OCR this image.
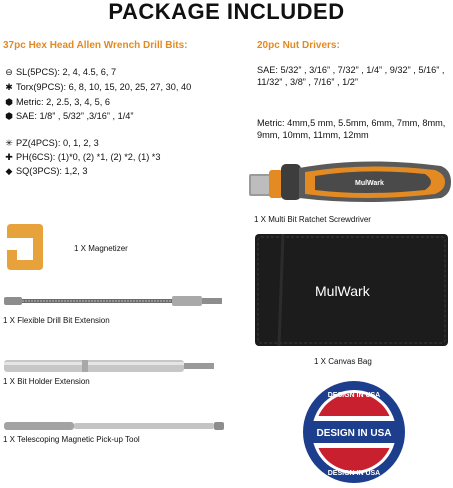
PACKAGE INCLUDED
37pc Hex Head Allen Wrench Drill Bits:	20pc Nut Drivers:
⊖ SL(5PCS): 2, 4, 4.5, 6, 7
✱ Torx(9PCS): 6, 8, 10, 15, 20, 25, 27, 30, 40
⬢ Metric: 2, 2.5, 3, 4, 5, 6
⬢ SAE: 1/8” , 5/32” ,3/16” , 1/4”
✳ PZ(4PCS): 0, 1, 2, 3
✚ PH(6CS): (1)*0, (2) *1, (2) *2, (1) *3
◆ SQ(3PCS): 1,2, 3
SAE: 5/32” , 3/16” , 7/32” , 1/4” , 9/32” , 5/16” , 11/32” , 3/8” , 7/16” , 1/2”
Metric: 4mm,5 mm, 5.5mm, 6mm, 7mm, 8mm, 9mm, 10mm, 11mm, 12mm
MulWark
1 X Multi Bit Ratchet Screwdriver
1 X Magnetizer
1 X Flexible Drill Bit Extension
1 X Bit Holder Extension
1 X Telescoping Magnetic Pick-up Tool
MulWark
1 X Canvas Bag
DESIGN IN USA
DESIGN IN USA
DESIGN IN USA
